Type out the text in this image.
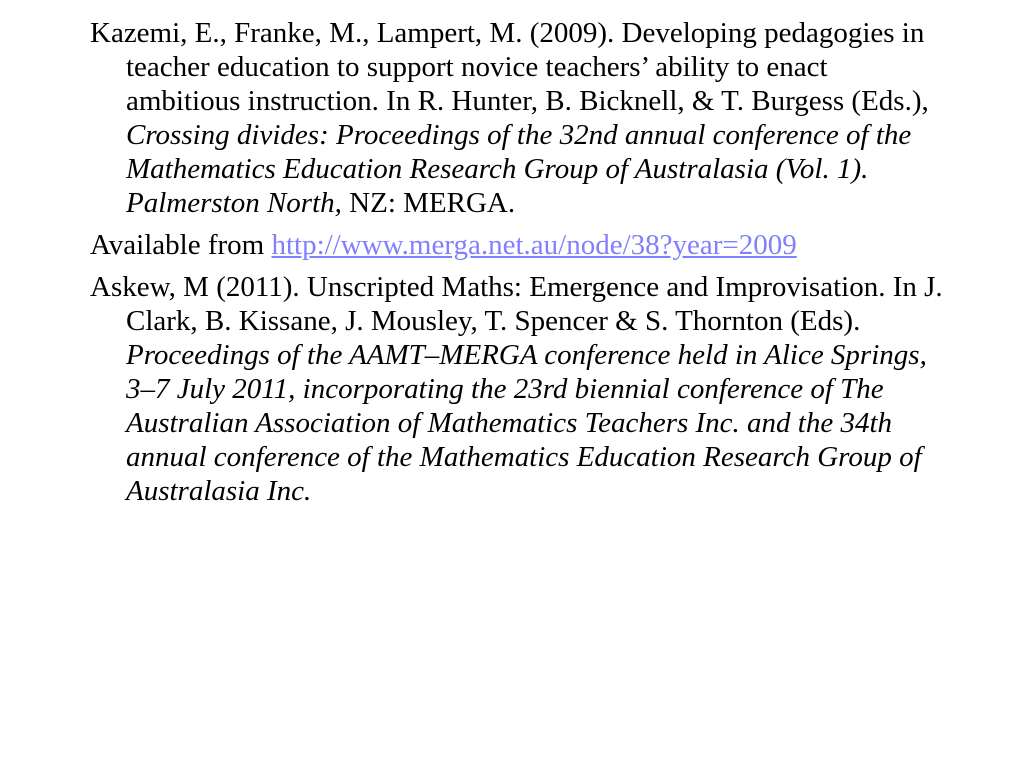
Kazemi, E., Franke, M., Lampert, M. (2009). Developing pedagogies in teacher education to support novice teachers’ ability to enact ambitious instruction. In R. Hunter, B. Bicknell, & T. Burgess (Eds.), Crossing divides: Proceedings of the 32nd annual conference of the Mathematics Education Research Group of Australasia (Vol. 1). Palmerston North, NZ: MERGA.

Available from http://www.merga.net.au/node/38?year=2009

Askew, M (2011). Unscripted Maths: Emergence and Improvisation. In J. Clark, B. Kissane, J. Mousley, T. Spencer & S. Thornton (Eds). Proceedings of the AAMT–MERGA conference held in Alice Springs, 3–7 July 2011, incorporating the 23rd biennial conference of The Australian Association of Mathematics Teachers Inc. and the 34th annual conference of the Mathematics Education Research Group of Australasia Inc.
